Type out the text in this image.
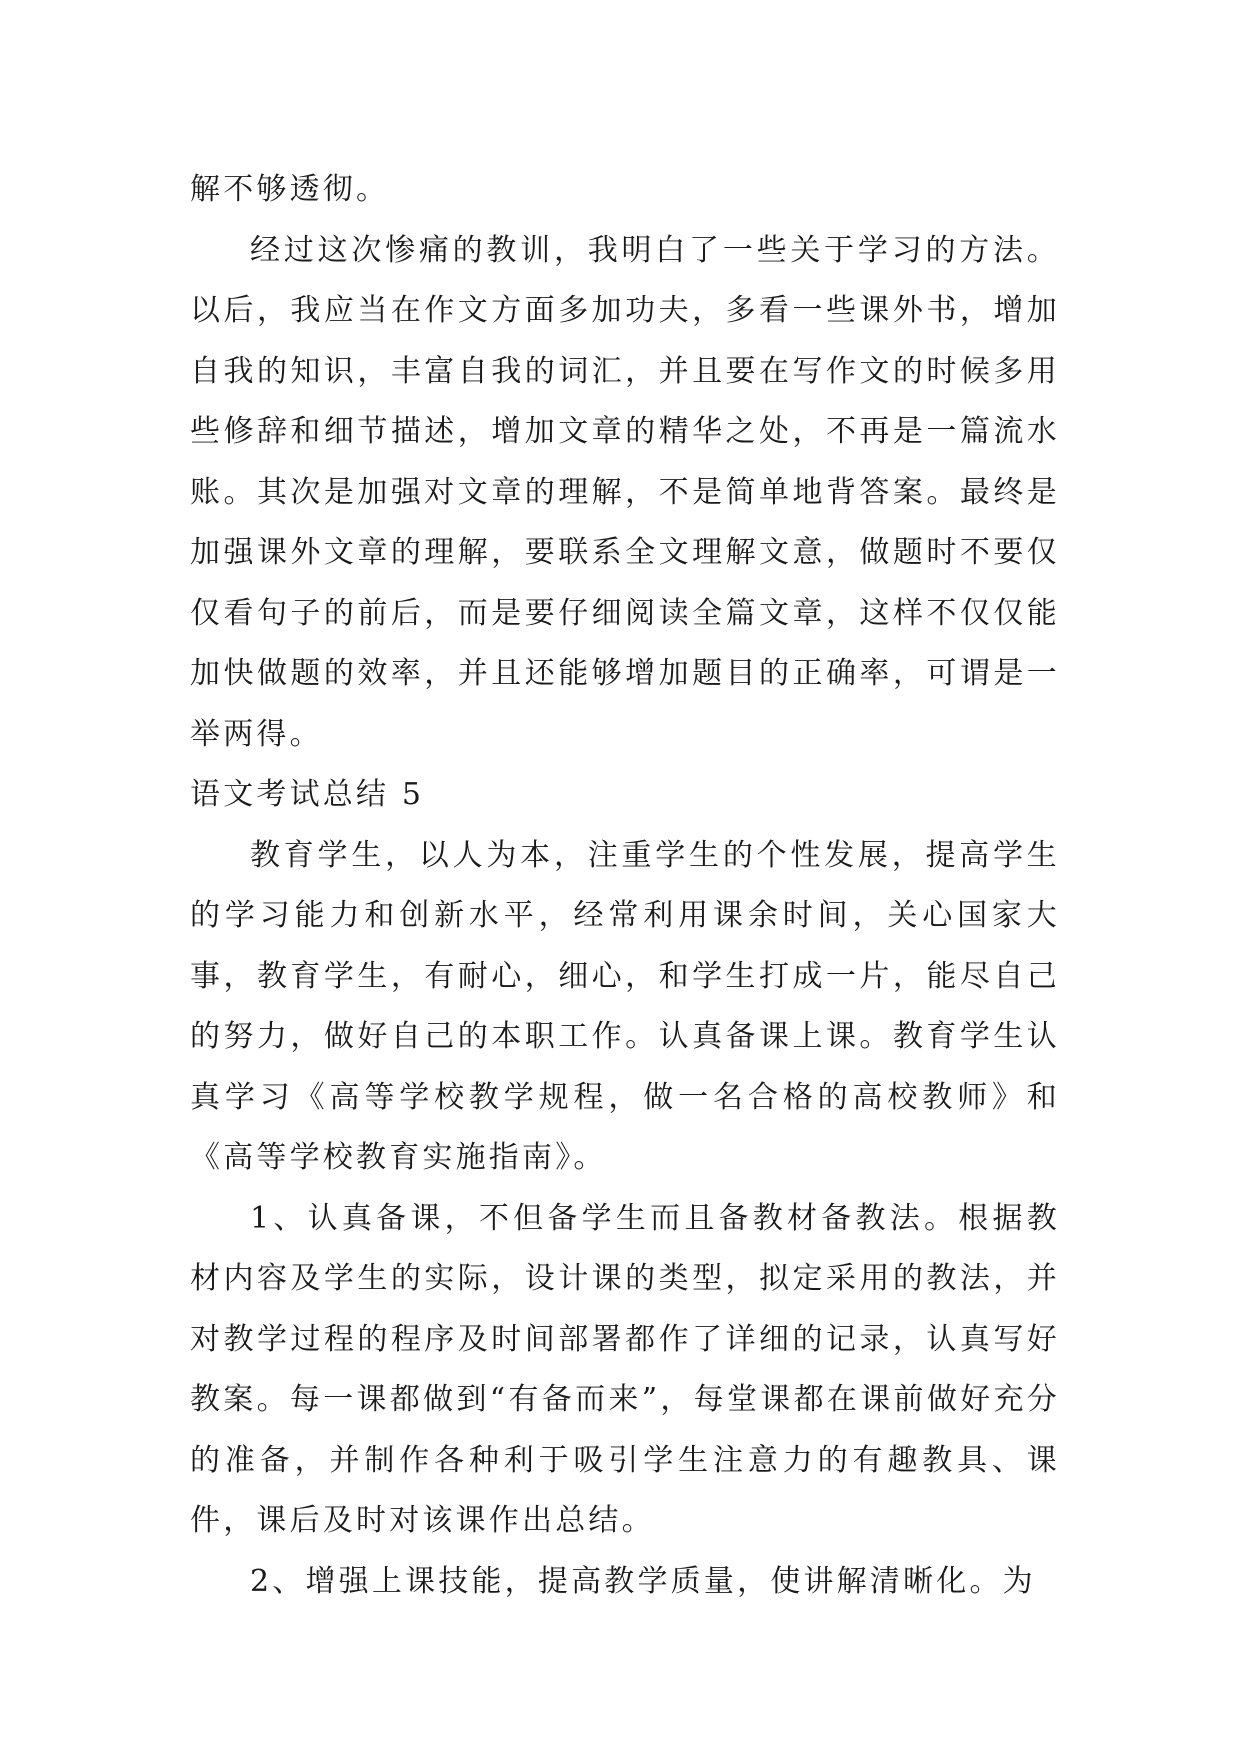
解不够透彻。

经过这次惨痛的教训，我明白了一些关于学习的方法。以后，我应当在作文方面多加功夫，多看一些课外书，增加自我的知识，丰富自我的词汇，并且要在写作文的时候多用些修辞和细节描述，增加文章的精华之处，不再是一篇流水账。其次是加强对文章的理解，不是简单地背答案。最终是加强课外文章的理解，要联系全文理解文意，做题时不要仅仅看句子的前后，而是要仔细阅读全篇文章，这样不仅仅能加快做题的效率，并且还能够增加题目的正确率，可谓是一举两得。

语文考试总结 5

教育学生，以人为本，注重学生的个性发展，提高学生的学习能力和创新水平，经常利用课余时间，关心国家大事，教育学生，有耐心，细心，和学生打成一片，能尽自己的努力，做好自己的本职工作。认真备课上课。教育学生认真学习《高等学校教学规程，做一名合格的高校教师》和《高等学校教育实施指南》。

1、认真备课，不但备学生而且备教材备教法。根据教材内容及学生的实际，设计课的类型，拟定采用的教法，并对教学过程的程序及时间部署都作了详细的记录，认真写好教案。每一课都做到“有备而来”，每堂课都在课前做好充分的准备，并制作各种利于吸引学生注意力的有趣教具、课件，课后及时对该课作出总结。

2、增强上课技能，提高教学质量，使讲解清晰化。为
